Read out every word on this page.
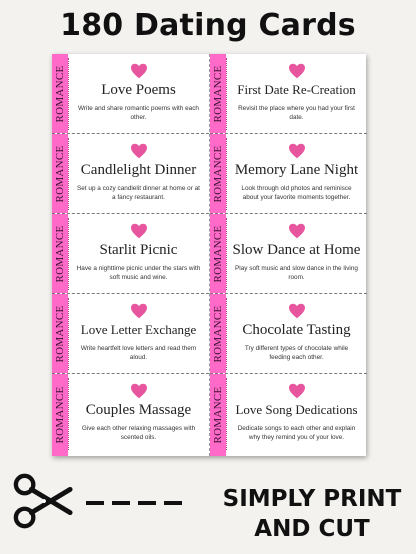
180 Dating Cards
ROMANCE	Love Poems
Write and share romantic poems with each other.
ROMANCE Candlelight Dinner
Set up a cozy candlelit dinner at home or at a fancy restaurant.
ROMANCE	Starlit Picnic
Have a nighttime picnic under the stars with soft music and wine.
ROMANCE	Love Letter Exchange
Write heartfelt love letters and read them aloud.
ROMANCE	Couples Massage
Give each other relaxing massages with scented oils.
ROMANCE	First Date Re-Creation
Revisit the place where you had your first date.
ROMANCE Memory Lane Night
Look through old photos and reminisce about your favorite moments together.
ROMANCE Slow Dance at Home
Play soft music and slow dance in the living room.
ROMANCE	Chocolate Tasting
Try different types of chocolate while feeding each other.
ROMANCE Love Song Dedications
Dedicate songs to each other and explain why they remind you of your love.
SIMPLY PRINT
AND CUT
